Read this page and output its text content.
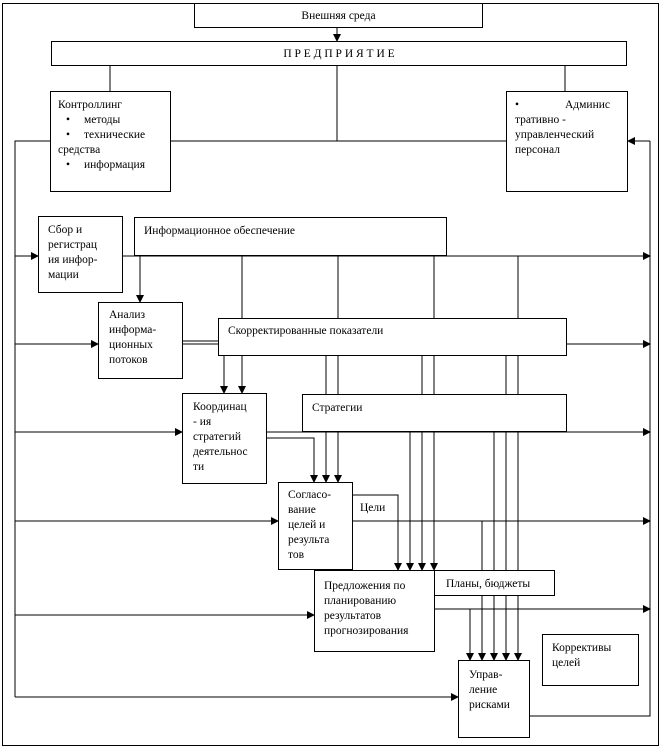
Внешняя среда
П Р Е Д П Р И Я Т И Е
Контроллинг
• методы
• технические средства
• информация
•	Админис
тративно -
управленческий
персонал
Сбор и
регистрац
ия инфор-
мации
Информационное обеспечение
Анализ
информа-
ционных
потоков
Скорректированные показатели
Координац
- ия
стратегий
деятельнос
ти
Стратегии
Согласо-
вание
целей и
результа
тов
Цели
Предложения по
планированию
результатов
прогнозирования
Планы, бюджеты
Коррективы
целей
Управ-
ление
рисками
